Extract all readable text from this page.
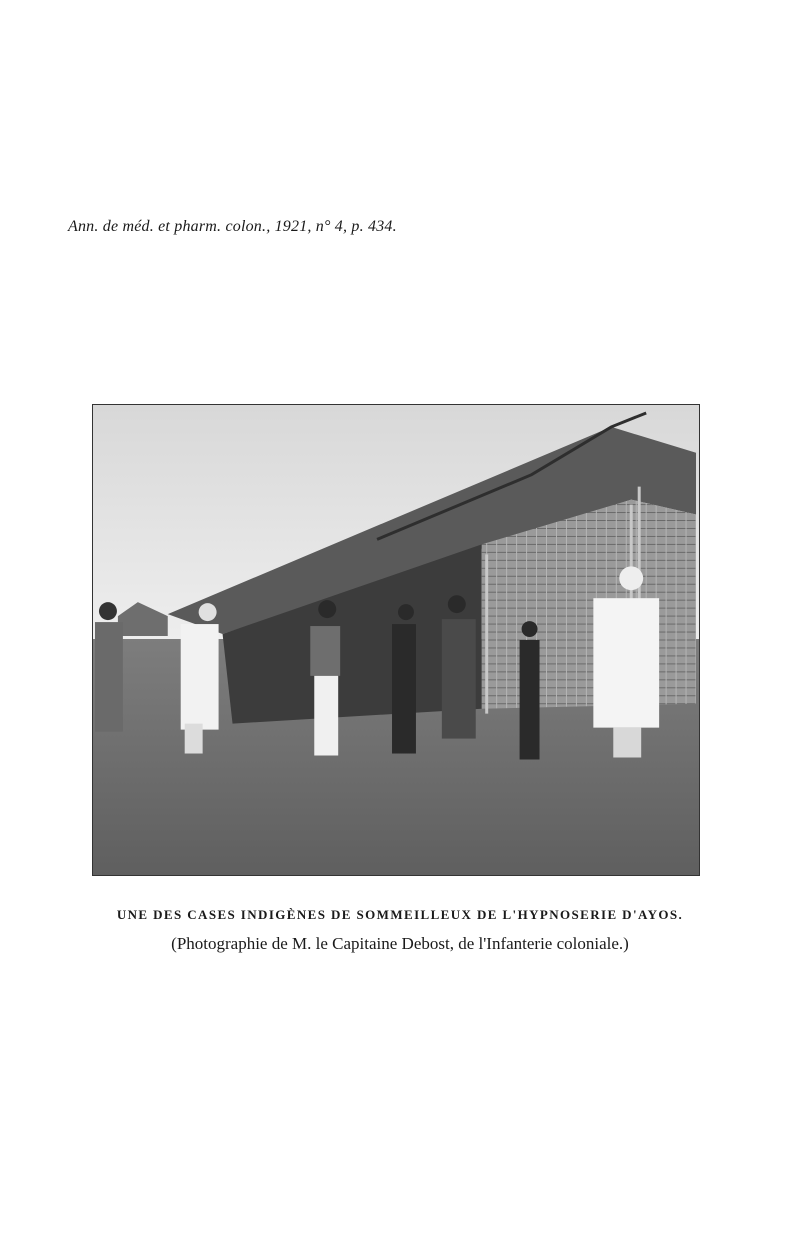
Ann. de méd. et pharm. colon., 1921, n° 4, p. 434.
UNE DES CASES INDIGÈNES DE SOMMEILLEUX DE L'HYPNOSERIE D'AYOS.
(Photographie de M. le Capitaine Debost, de l'Infanterie coloniale.)
